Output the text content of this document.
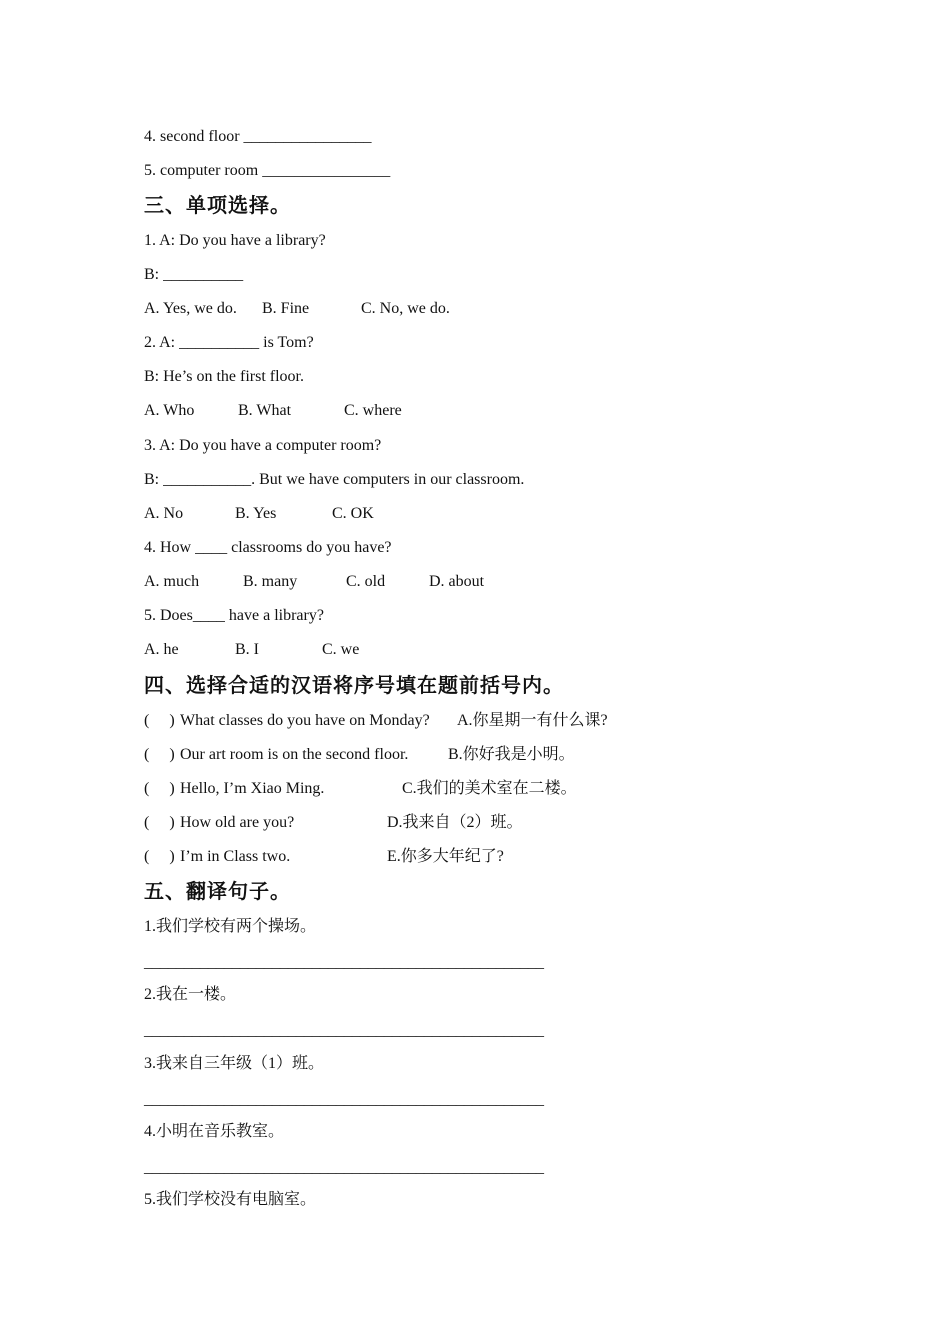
4. second floor ________________
5. computer room ________________
三、单项选择。
1. A: Do you have a library?
B: __________
A. Yes, we do. B. Fine	C. No, we do.
2. A: __________ is Tom?
B: He’s on the first floor.
A. Who	B. What	C. where
3. A: Do you have a computer room?
B: ___________. But we have computers in our classroom.
A. No	B. Yes	C. OK
4. How ____ classrooms do you have?
A. much	B. many	C. old	D. about
5. Does____ have a library?
A. he	B. I	C. we
四、选择合适的汉语将序号填在题前括号内。
(     ) What classes do you have on Monday? A.你星期一有什么课?
(     ) Our art room is on the second floor. B.你好我是小明。
(     ) Hello, I’m Xiao Ming.	C.我们的美术室在二楼。
(     ) How old are you?	D.我来自（2）班。
(     ) I’m in Class two.	E.你多大年纪了?
五、翻译句子。
1.我们学校有两个操场。
__________________________________________________
2.我在一楼。
__________________________________________________
3.我来自三年级（1）班。
__________________________________________________
4.小明在音乐教室。
__________________________________________________
5.我们学校没有电脑室。
